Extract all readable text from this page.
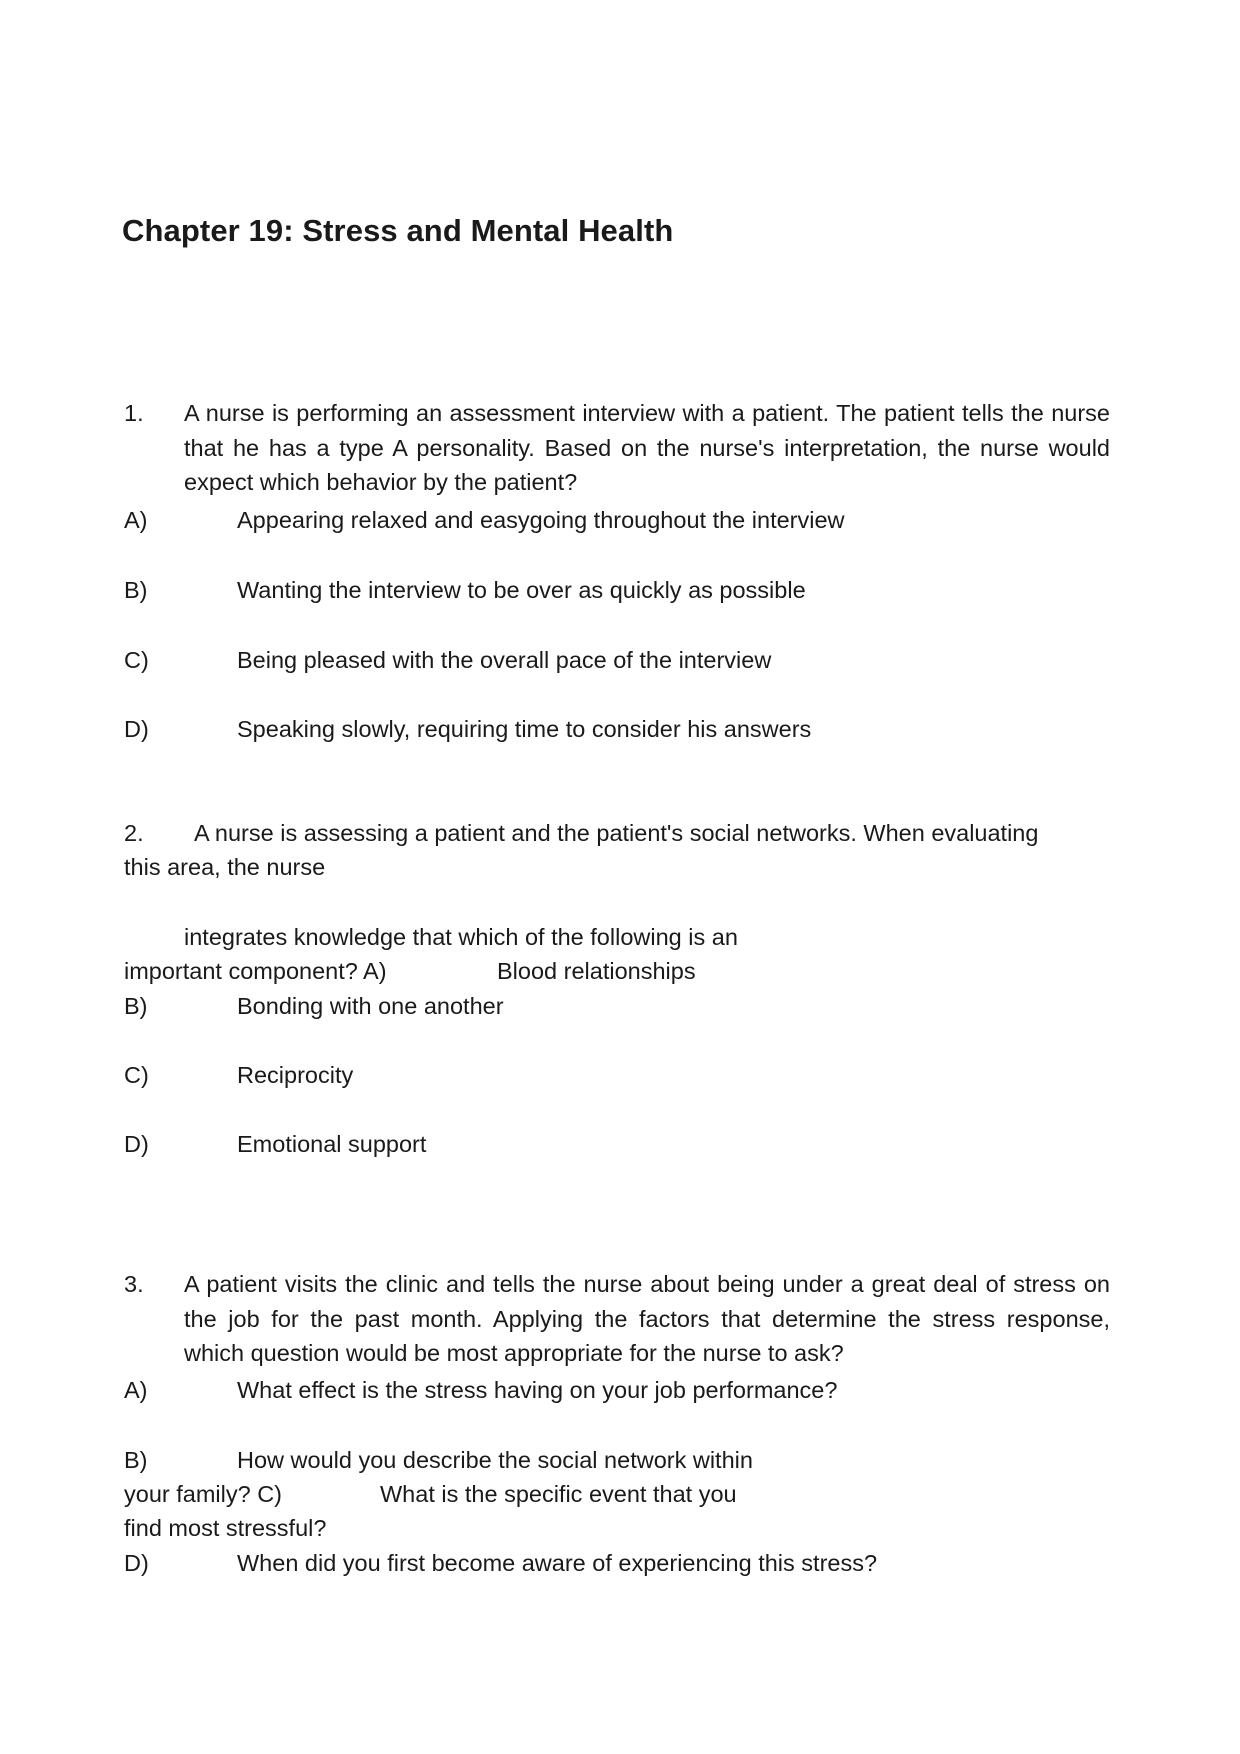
Chapter 19: Stress and Mental Health
1. A nurse is performing an assessment interview with a patient. The patient tells the nurse that he has a type A personality. Based on the nurse's interpretation, the nurse would expect which behavior by the patient?
A)	Appearing relaxed and easygoing throughout the interview
B)	Wanting the interview to be over as quickly as possible
C)	Being pleased with the overall pace of the interview
D)	Speaking slowly, requiring time to consider his answers
2. A nurse is assessing a patient and the patient's social networks. When evaluating
this area, the nurse
integrates knowledge that which of the following is an
important component? A)	Blood relationships
B)	Bonding with one another
C)	Reciprocity
D)	Emotional support
3. A patient visits the clinic and tells the nurse about being under a great deal of stress on the job for the past month. Applying the factors that determine the stress response, which question would be most appropriate for the nurse to ask?
A)	What effect is the stress having on your job performance?
B)	How would you describe the social network within
your family? C)	What is the specific event that you
find most stressful?
D)	When did you first become aware of experiencing this stress?
